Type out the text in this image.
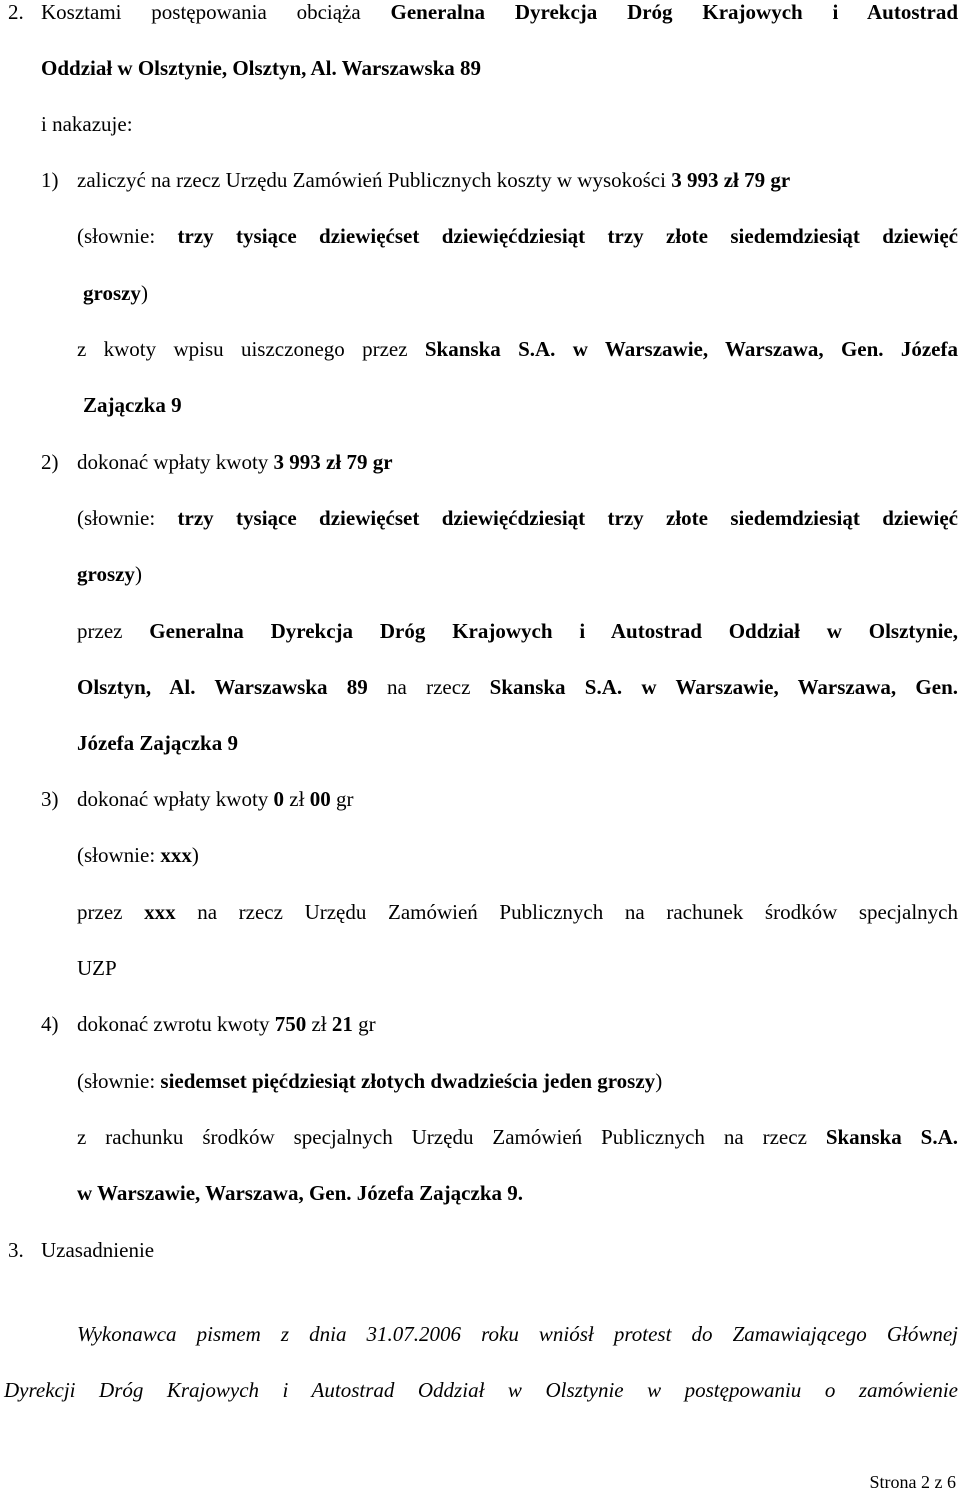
2. Kosztami postępowania obciąża Generalna Dyrekcja Dróg Krajowych i Autostrad
Oddział w Olsztynie, Olsztyn, Al. Warszawska 89
i nakazuje:
1) zaliczyć na rzecz Urzędu Zamówień Publicznych koszty w wysokości 3 993 zł 79 gr
(słownie: trzy tysiące dziewięćset dziewięćdziesiąt trzy złote siedemdziesiąt dziewięć
groszy)
z kwoty wpisu uiszczonego przez Skanska S.A. w Warszawie, Warszawa, Gen. Józefa
Zajączka 9
2) dokonać wpłaty kwoty 3 993 zł 79 gr
(słownie: trzy tysiące dziewięćset dziewięćdziesiąt trzy złote siedemdziesiąt dziewięć
groszy)
przez Generalna Dyrekcja Dróg Krajowych i Autostrad Oddział w Olsztynie,
Olsztyn, Al. Warszawska 89 na rzecz Skanska S.A. w Warszawie, Warszawa, Gen.
Józefa Zajączka 9
3) dokonać wpłaty kwoty 0 zł 00 gr
(słownie: xxx)
przez xxx na rzecz Urzędu Zamówień Publicznych na rachunek środków specjalnych
UZP
4) dokonać zwrotu kwoty 750 zł 21 gr
(słownie: siedemset pięćdziesiąt złotych dwadzieścia jeden groszy)
z rachunku środków specjalnych Urzędu Zamówień Publicznych na rzecz Skanska S.A.
w Warszawie, Warszawa, Gen. Józefa Zajączka 9.
3. Uzasadnienie
Wykonawca pismem z dnia 31.07.2006 roku wniósł protest do Zamawiającego Głównej
Dyrekcji Dróg Krajowych i Autostrad Oddział w Olsztynie w postępowaniu o zamówienie
Strona 2 z 6
